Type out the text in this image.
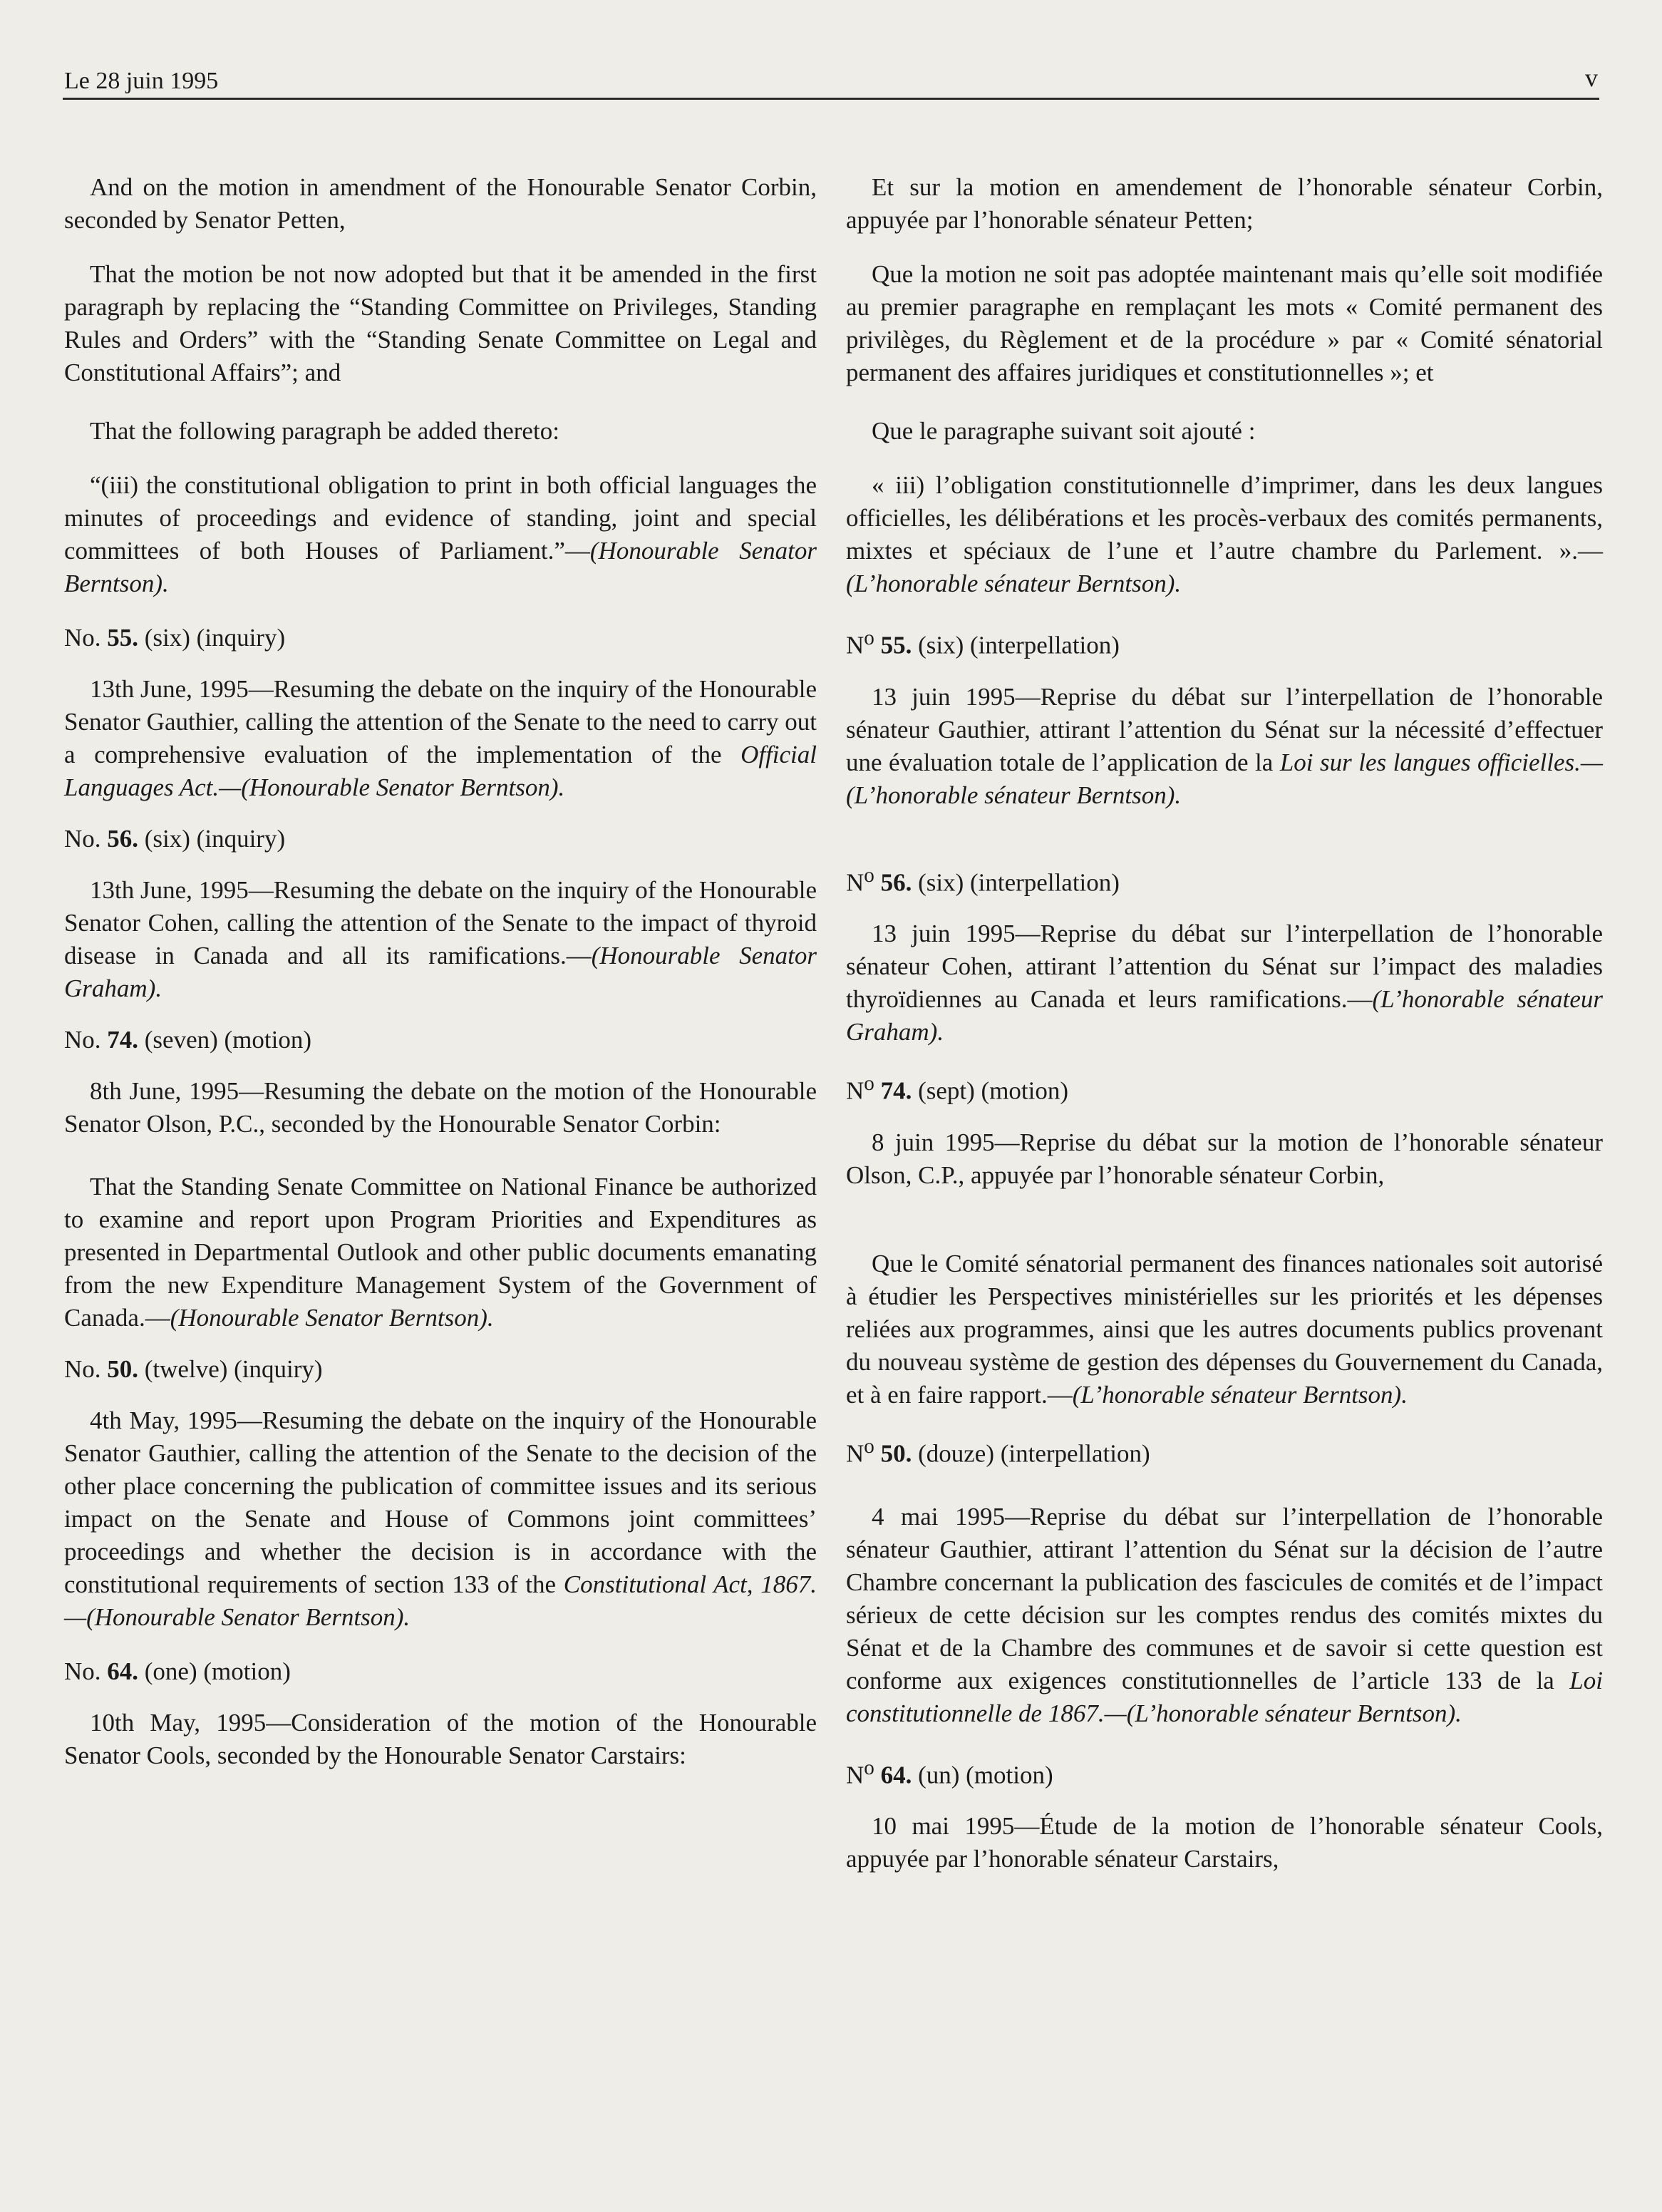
Le 28 juin 1995	v

And on the motion in amendment of the Honourable Senator Corbin, seconded by Senator Petten,

That the motion be not now adopted but that it be amended in the first paragraph by replacing the “Standing Committee on Privileges, Standing Rules and Orders” with the “Standing Senate Committee on Legal and Constitutional Affairs”; and

That the following paragraph be added thereto:

“(iii) the constitutional obligation to print in both official languages the minutes of proceedings and evidence of standing, joint and special committees of both Houses of Parliament.”—(Honourable Senator Berntson).

No. 55. (six) (inquiry)

13th June, 1995—Resuming the debate on the inquiry of the Honourable Senator Gauthier, calling the attention of the Senate to the need to carry out a comprehensive evaluation of the implementation of the Official Languages Act.—(Honourable Senator Berntson).

No. 56. (six) (inquiry)

13th June, 1995—Resuming the debate on the inquiry of the Honourable Senator Cohen, calling the attention of the Senate to the impact of thyroid disease in Canada and all its ramifications.—(Honourable Senator Graham).

No. 74. (seven) (motion)

8th June, 1995—Resuming the debate on the motion of the Honourable Senator Olson, P.C., seconded by the Honourable Senator Corbin:

That the Standing Senate Committee on National Finance be authorized to examine and report upon Program Priorities and Expenditures as presented in Departmental Outlook and other public documents emanating from the new Expenditure Management System of the Government of Canada.—(Honourable Senator Berntson).

No. 50. (twelve) (inquiry)

4th May, 1995—Resuming the debate on the inquiry of the Honourable Senator Gauthier, calling the attention of the Senate to the decision of the other place concerning the publication of committee issues and its serious impact on the Senate and House of Commons joint committees’ proceedings and whether the decision is in accordance with the constitutional requirements of section 133 of the Constitutional Act, 1867.—(Honourable Senator Berntson).

No. 64. (one) (motion)

10th May, 1995—Consideration of the motion of the Honourable Senator Cools, seconded by the Honourable Senator Carstairs:

Et sur la motion en amendement de l’honorable sénateur Corbin, appuyée par l’honorable sénateur Petten;

Que la motion ne soit pas adoptée maintenant mais qu’elle soit modifiée au premier paragraphe en remplaçant les mots « Comité permanent des privilèges, du Règlement et de la procédure » par « Comité sénatorial permanent des affaires juridiques et constitutionnelles »; et

Que le paragraphe suivant soit ajouté :

« iii) l’obligation constitutionnelle d’imprimer, dans les deux langues officielles, les délibérations et les procès-verbaux des comités permanents, mixtes et spéciaux de l’une et l’autre chambre du Parlement. ».—(L’honorable sénateur Berntson).

$N^o$ 55. (six) (interpellation)

13 juin 1995—Reprise du débat sur l’interpellation de l’honorable sénateur Gauthier, attirant l’attention du Sénat sur la nécessité d’effectuer une évaluation totale de l’application de la Loi sur les langues officielles.—(L’honorable sénateur Berntson).

$N^o$ 56. (six) (interpellation)

13 juin 1995—Reprise du débat sur l’interpellation de l’honorable sénateur Cohen, attirant l’attention du Sénat sur l’impact des maladies thyroïdiennes au Canada et leurs ramifications.—(L’honorable sénateur Graham).

$N^o$ 74. (sept) (motion)

8 juin 1995—Reprise du débat sur la motion de l’honorable sénateur Olson, C.P., appuyée par l’honorable sénateur Corbin,

Que le Comité sénatorial permanent des finances nationales soit autorisé à étudier les Perspectives ministérielles sur les priorités et les dépenses reliées aux programmes, ainsi que les autres documents publics provenant du nouveau système de gestion des dépenses du Gouvernement du Canada, et à en faire rapport.—(L’honorable sénateur Berntson).

$N^o$ 50. (douze) (interpellation)

4 mai 1995—Reprise du débat sur l’interpellation de l’honorable sénateur Gauthier, attirant l’attention du Sénat sur la décision de l’autre Chambre concernant la publication des fascicules de comités et de l’impact sérieux de cette décision sur les comptes rendus des comités mixtes du Sénat et de la Chambre des communes et de savoir si cette question est conforme aux exigences constitutionnelles de l’article 133 de la Loi constitutionnelle de 1867.—(L’honorable sénateur Berntson).

$N^o$ 64. (un) (motion)

10 mai 1995—Étude de la motion de l’honorable sénateur Cools, appuyée par l’honorable sénateur Carstairs,
